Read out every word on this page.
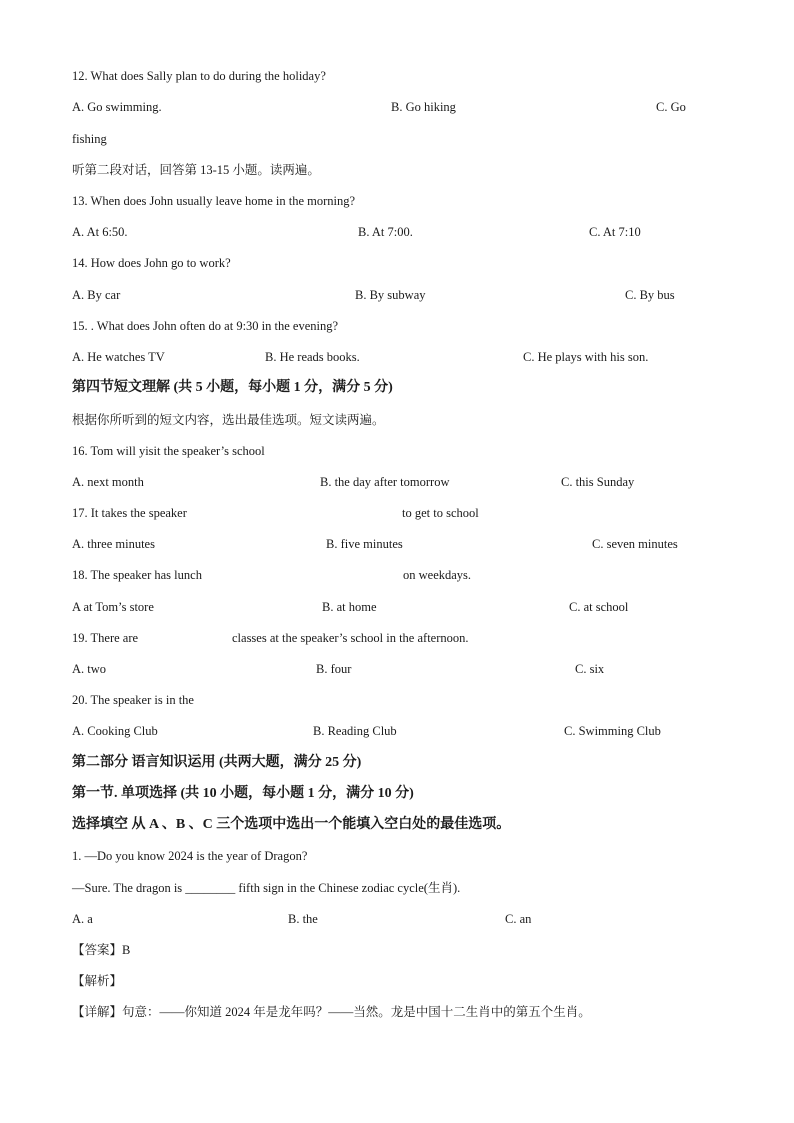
12. What does Sally plan to do during the holiday?
A. Go swimming.	B. Go hiking	C. Go
fishing
听第二段对话，回答第 13-15 小题。读两遍。
13. When does John usually leave home in the morning?
A. At 6:50.	B. At 7:00.	C. At 7:10
14. How does John go to work?
A. By car	B. By subway	C. By bus
15. . What does John often do at 9:30 in the evening?
A. He watches TV	B. He reads books.	C. He plays with his son.
第四节短文理解 (共 5 小题，每小题 1 分，满分 5 分)
根据你所听到的短文内容，选出最佳选项。短文读两遍。
16. Tom will yisit the speaker’s school
A. next month	B. the day after tomorrow	C. this Sunday
17. It takes the speaker	to get to school
A. three minutes	B. five minutes	C. seven minutes
18. The speaker has lunch	on weekdays.
A at Tom’s store	B. at home	C. at school
19. There are	classes at the speaker’s school in the afternoon.
A. two	B. four	C. six
20. The speaker is in the
A. Cooking Club	B. Reading Club	C. Swimming Club
第二部分 语言知识运用 (共两大题，满分 25 分)
第一节. 单项选择 (共 10 小题，每小题 1 分，满分 10 分)
选择填空 从 A 、B 、C 三个选项中选出一个能填入空白处的最佳选项。
1. —Do you know 2024 is the year of Dragon?
—Sure. The dragon is ________ fifth sign in the Chinese zodiac cycle(生肖).
A. a	B. the	C. an
【答案】B
【解析】
【详解】句意：——你知道 2024 年是龙年吗？——当然。龙是中国十二生肖中的第五个生肖。
